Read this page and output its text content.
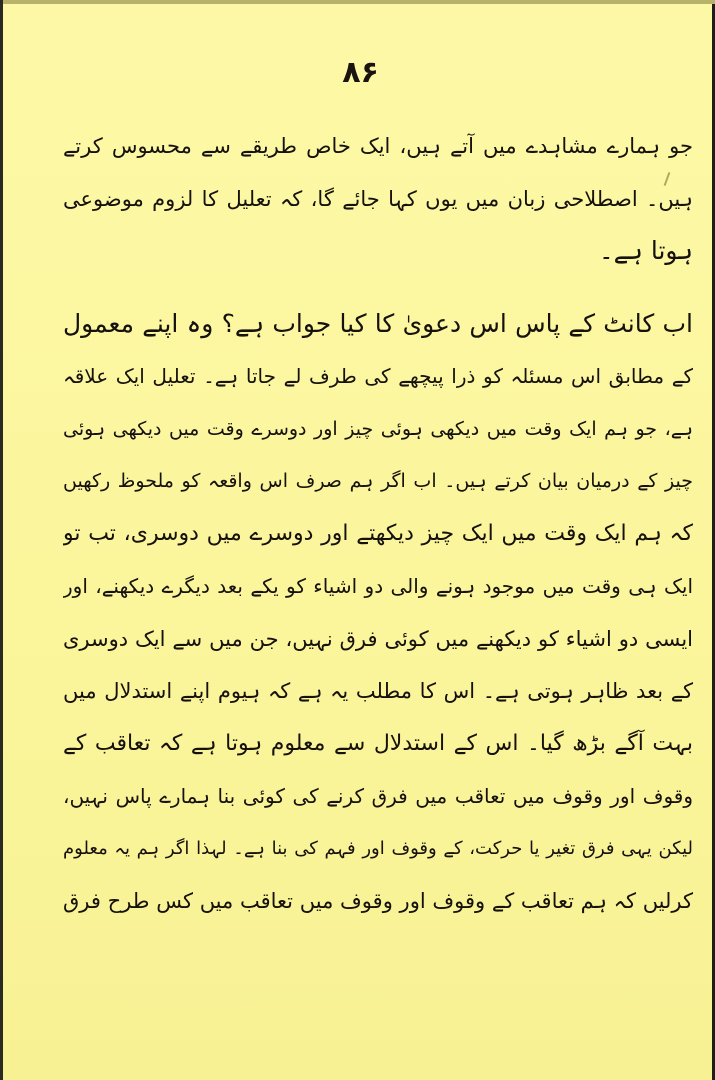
۸۶
جو ہمارے مشاہدے میں آتے ہیں، ایک خاص طریقے سے محسوس کرتے
ہیں۔ اصطلاحی زبان میں یوں کہا جائے گا، کہ تعلیل کا لزوم موضوعی
ہوتا ہے۔
اب کانٹ کے پاس اس دعویٰ کا کیا جواب ہے؟ وہ اپنے معمول
کے مطابق اس مسئلہ کو ذرا پیچھے کی طرف لے جاتا ہے۔ تعلیل ایک علاقہ
ہے، جو ہم ایک وقت میں دیکھی ہوئی چیز اور دوسرے وقت میں دیکھی ہوئی
چیز کے درمیان بیان کرتے ہیں۔ اب اگر ہم صرف اس واقعہ کو ملحوظ رکھیں
کہ ہم ایک وقت میں ایک چیز دیکھتے اور دوسرے میں دوسری، تب تو
ایک ہی وقت میں موجود ہونے والی دو اشیاء کو یکے بعد دیگرے دیکھنے، اور
ایسی دو اشیاء کو دیکھنے میں کوئی فرق نہیں، جن میں سے ایک دوسری
کے بعد ظاہر ہوتی ہے۔ اس کا مطلب یہ ہے کہ ہیوم اپنے استدلال میں
بہت آگے بڑھ گیا۔ اس کے استدلال سے معلوم ہوتا ہے کہ تعاقب کے
وقوف اور وقوف میں تعاقب میں فرق کرنے کی کوئی بنا ہمارے پاس نہیں،
لیکن یہی فرق تغیر یا حرکت، کے وقوف اور فہم کی بنا ہے۔ لہذا اگر ہم یہ معلوم
کرلیں کہ ہم تعاقب کے وقوف اور وقوف میں تعاقب میں کس طرح فرق
